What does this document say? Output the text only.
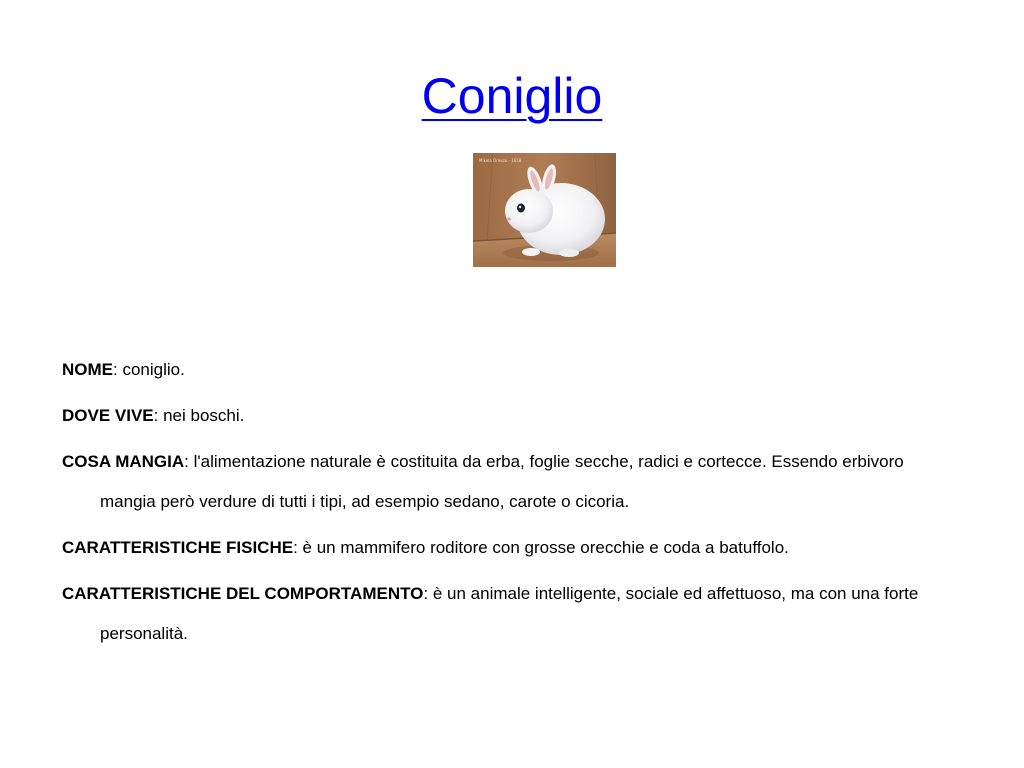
Coniglio
Mikela Ornezo - 1618

NOME: coniglio.

DOVE VIVE: nei boschi.

COSA MANGIA: l'alimentazione naturale è costituita da erba, foglie secche, radici e cortecce. Essendo erbivoro mangia però verdure di tutti i tipi, ad esempio sedano, carote o cicoria.

CARATTERISTICHE FISICHE: è un mammifero roditore con grosse orecchie e coda a batuffolo.

CARATTERISTICHE DEL COMPORTAMENTO: è un animale intelligente, sociale ed affettuoso, ma con una forte personalità.
